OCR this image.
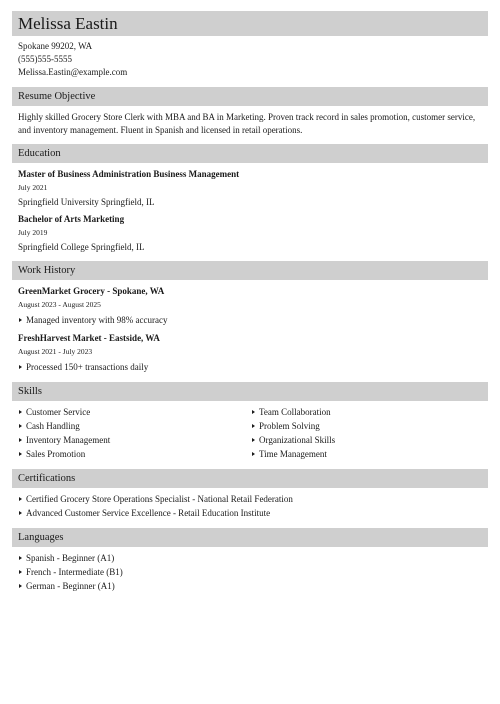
Melissa Eastin
Spokane 99202, WA
(555)555-5555
Melissa.Eastin@example.com
Resume Objective
Highly skilled Grocery Store Clerk with MBA and BA in Marketing. Proven track record in sales promotion, customer service, and inventory management. Fluent in Spanish and licensed in retail operations.
Education
Master of Business Administration Business Management
July 2021
Springfield University Springfield, IL
Bachelor of Arts Marketing
July 2019
Springfield College Springfield, IL
Work History
GreenMarket Grocery - Spokane, WA
August 2023 - August 2025
Managed inventory with 98% accuracy
FreshHarvest Market - Eastside, WA
August 2021 - July 2023
Processed 150+ transactions daily
Skills
Customer Service
Cash Handling
Inventory Management
Sales Promotion
Team Collaboration
Problem Solving
Organizational Skills
Time Management
Certifications
Certified Grocery Store Operations Specialist - National Retail Federation
Advanced Customer Service Excellence - Retail Education Institute
Languages
Spanish - Beginner (A1)
French - Intermediate (B1)
German - Beginner (A1)
